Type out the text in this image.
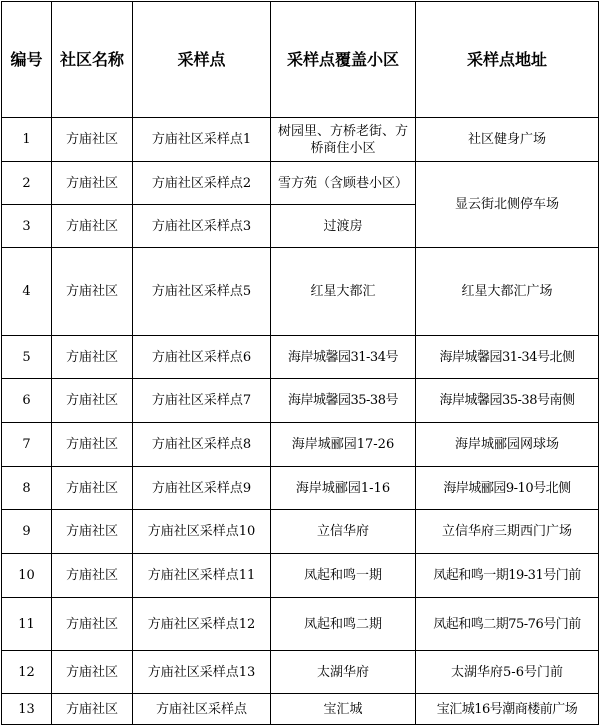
编号	社区名称	采样点	采样点覆盖小区	采样点地址
1	方庙社区	方庙社区采样点1	树园里、方桥老街、方桥商住小区	社区健身广场
2	方庙社区	方庙社区采样点2	雪方苑（含顾巷小区）	显云街北侧停车场
3	方庙社区	方庙社区采样点3	过渡房	
4	方庙社区	方庙社区采样点5	红星大都汇	红星大都汇广场
5	方庙社区	方庙社区采样点6	海岸城馨园31-34号	海岸城馨园31-34号北侧
6	方庙社区	方庙社区采样点7	海岸城馨园35-38号	海岸城馨园35-38号南侧
7	方庙社区	方庙社区采样点8	海岸城郦园17-26	海岸城郦园网球场
8	方庙社区	方庙社区采样点9	海岸城郦园1-16	海岸城郦园9-10号北侧
9	方庙社区	方庙社区采样点10	立信华府	立信华府三期西门广场
10	方庙社区	方庙社区采样点11	凤起和鸣一期	凤起和鸣一期19-31号门前
11	方庙社区	方庙社区采样点12	凤起和鸣二期	凤起和鸣二期75-76号门前
12	方庙社区	方庙社区采样点13	太湖华府	太湖华府5-6号门前
13	方庙社区	方庙社区采样点	宝汇城	宝汇城16号潮商楼前广场
